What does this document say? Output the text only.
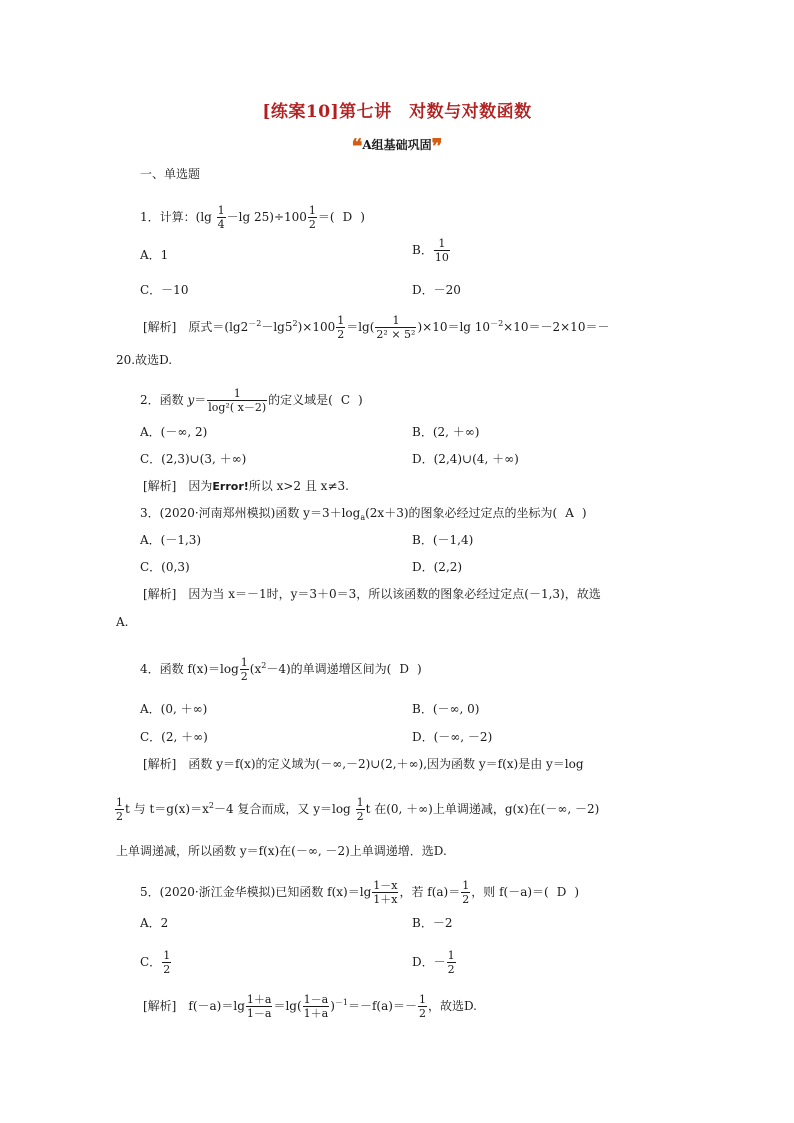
[练案10]第七讲　对数与对数函数
❝A组基础巩固❞
一、单选题
1．计算：($\lg \frac{1}{4} -\lg$ $25)\div 100 \frac{1}{2}$ ＝( D )
A．1	B． $\frac{1}{10}$
C．－10	D．－20
[解析]　 原式$=(\lg 2^{-2}-\lg 5^2)\times 100 \frac{1}{2} =\lg( \frac{1}{\text{2² × 5²}} )\times 10=\lg$ $10^{-2}\times 10=-2\times 10=-$
20.故选D.
2．函数 $y= \frac{1}{\text{log²( x－2)}}$ 的定义域是( C )
A．(－∞, 2)	B．(2, ＋∞)
C．(2,3)∪(3, ＋∞)	D．(2,4)∪(4, ＋∞)
[解析]　 因为Error!所以 x>2 且 x≠3.
3．(2020·河南郑州模拟)函数 $y=3+\log_a(2x+3)$的图象必经过定点的坐标为( A )
A．(－1,3)	B．(－1,4)
C．(0,3)	D．(2,2)
[解析]　 因为当 x＝－1时，y＝3＋0＝3，所以该函数的图象必经过定点(－1,3)，故选
A.
4．函数 $f(x)=\log \frac{1}{2} (x^2-4)$的单调递增区间为( D )
A．(0, ＋∞)	B．(－∞, 0)
C．(2, ＋∞)	D．(－∞, －2)
[解析]　 函数 y＝f(x)的定义域为(－∞,－2)∪(2,＋∞),因为函数 y＝f(x)是由 y＝log
$\frac{1}{2}$ t 与 $t=g(x)=x^2-4$ 复合而成，又 $y=\log \frac{1}{2}$ t 在(0, ＋∞)上单调递减，g(x)在(－∞, －2)
上单调递减，所以函数 y＝f(x)在(－∞, －2)上单调递增．选D.
5．(2020·浙江金华模拟)已知函数 $f(x)=\lg \frac{1-x}{1+x}$ ，若 $f(a)= \frac{1}{2}$ ，则 f(－a)＝( D )
A．2	B．－2
C． $\frac{1}{2}$	D．－ $\frac{1}{2}$
[解析]　 $f(-a)=\lg \frac{1+a}{1-a} =\lg( \frac{1-a}{1+a} )^{-1}=-f(a)=- \frac{1}{2}$ ，故选D.
